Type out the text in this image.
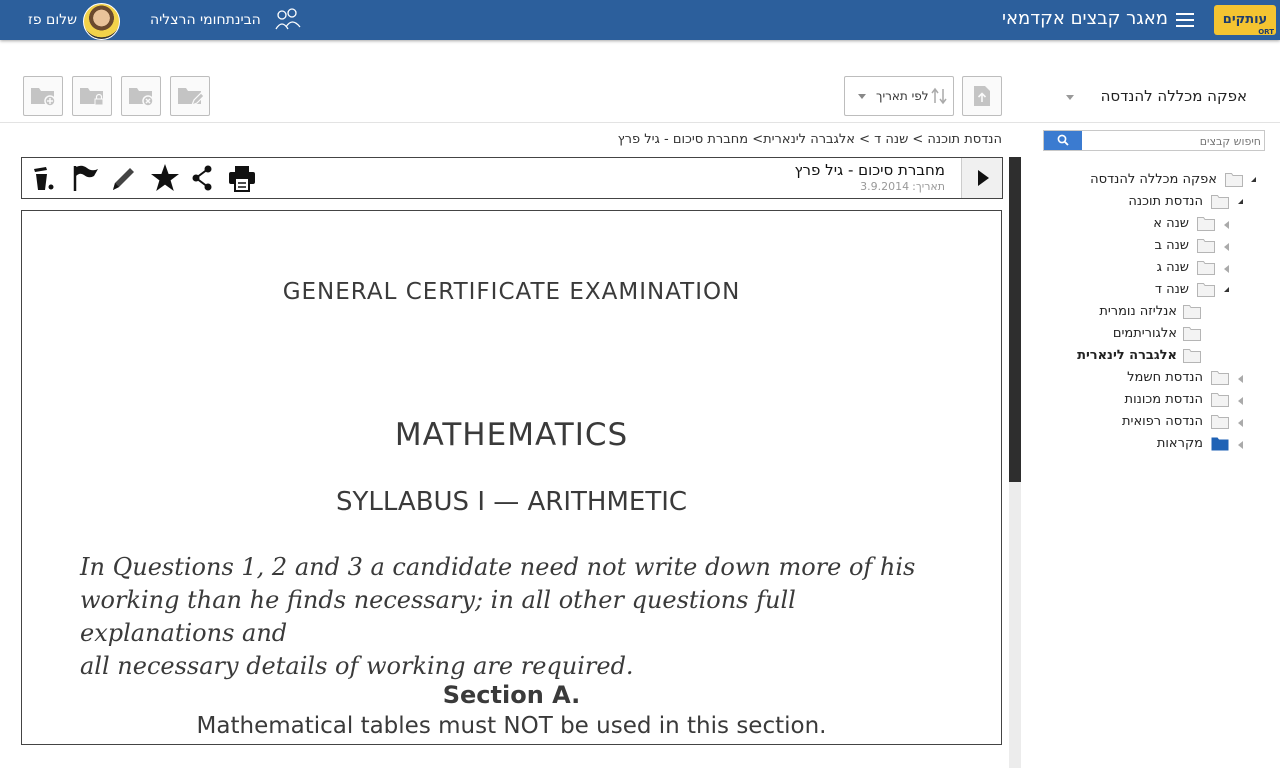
עותקים
ORT
מאגר קבצים אקדמאי
הבינתחומי הרצליה
שלום פז
לפי תאריך	אפקה מכללה להנדסה
הנדסת תוכנה > שנה ד > אלגברה לינארית> מחברת סיכום - גיל פרץ
חיפוש קבצים
מחברת סיכום - גיל פרץ
תאריך:3.9.2014
GENERAL CERTIFICATE EXAMINATION
MATHEMATICS
SYLLABUS I — ARITHMETIC
In Questions 1, 2 and 3 a candidate need not write down more of his
working than he finds necessary; in all other questions full explanations and
all necessary details of working are required.
Section A.
Mathematical tables must NOT be used in this section.
אפקה מכללה להנדסה
הנדסת תוכנה
שנה א
שנה ב
שנה ג
שנה ד
אנליזה נומרית
אלגוריתמים
אלגברה לינארית
הנדסת חשמל
הנדסת מכונות
הנדסה רפואית
מקראות
